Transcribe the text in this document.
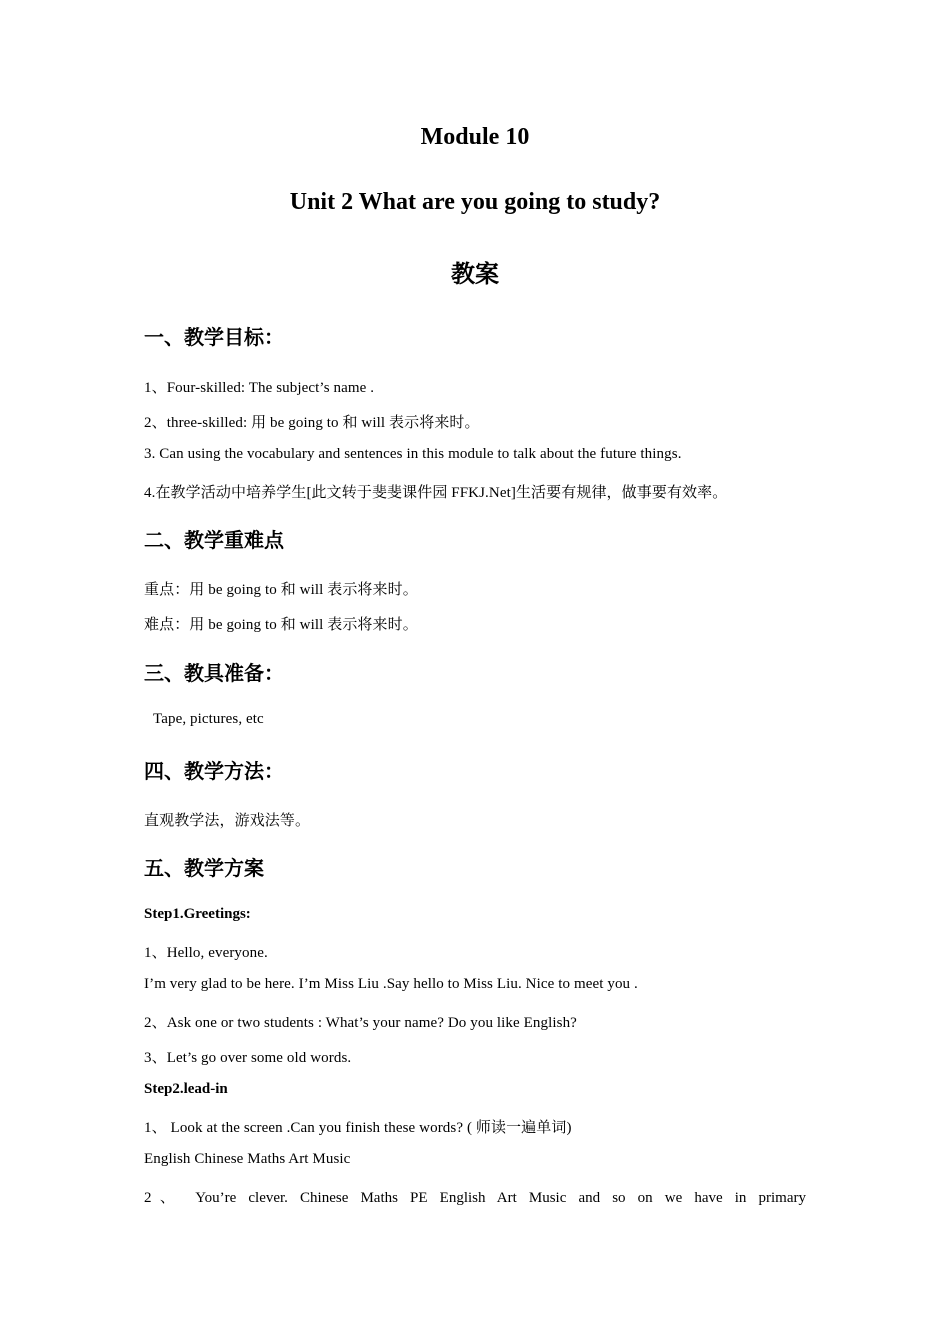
Module 10
Unit 2 What are you going to study?
教案
一、教学目标：
1、Four-skilled: The subject’s name .
2、three-skilled: 用 be going to 和 will 表示将来时。
3. Can using the vocabulary and sentences in this module to talk about the future things.
4.在教学活动中培养学生[此文转于斐斐课件园 FFKJ.Net]生活要有规律，做事要有效率。
二、教学重难点
重点：用 be going to 和 will 表示将来时。
难点：用 be going to 和 will 表示将来时。
三、教具准备：
Tape, pictures, etc
四、教学方法：
直观教学法，游戏法等。
五、教学方案
Step1.Greetings:
1、Hello, everyone.
I’m very glad to be here. I’m Miss Liu .Say hello to Miss Liu. Nice to meet you .
2、Ask one or two students : What’s your name? Do you like English?
3、Let’s go over some old words.
Step2.lead-in
1、 Look at the screen .Can you finish these words? ( 师读一遍单词)
English Chinese Maths Art Music
2、 You’re clever. Chinese Maths PE English Art Music and so on we have in primary
